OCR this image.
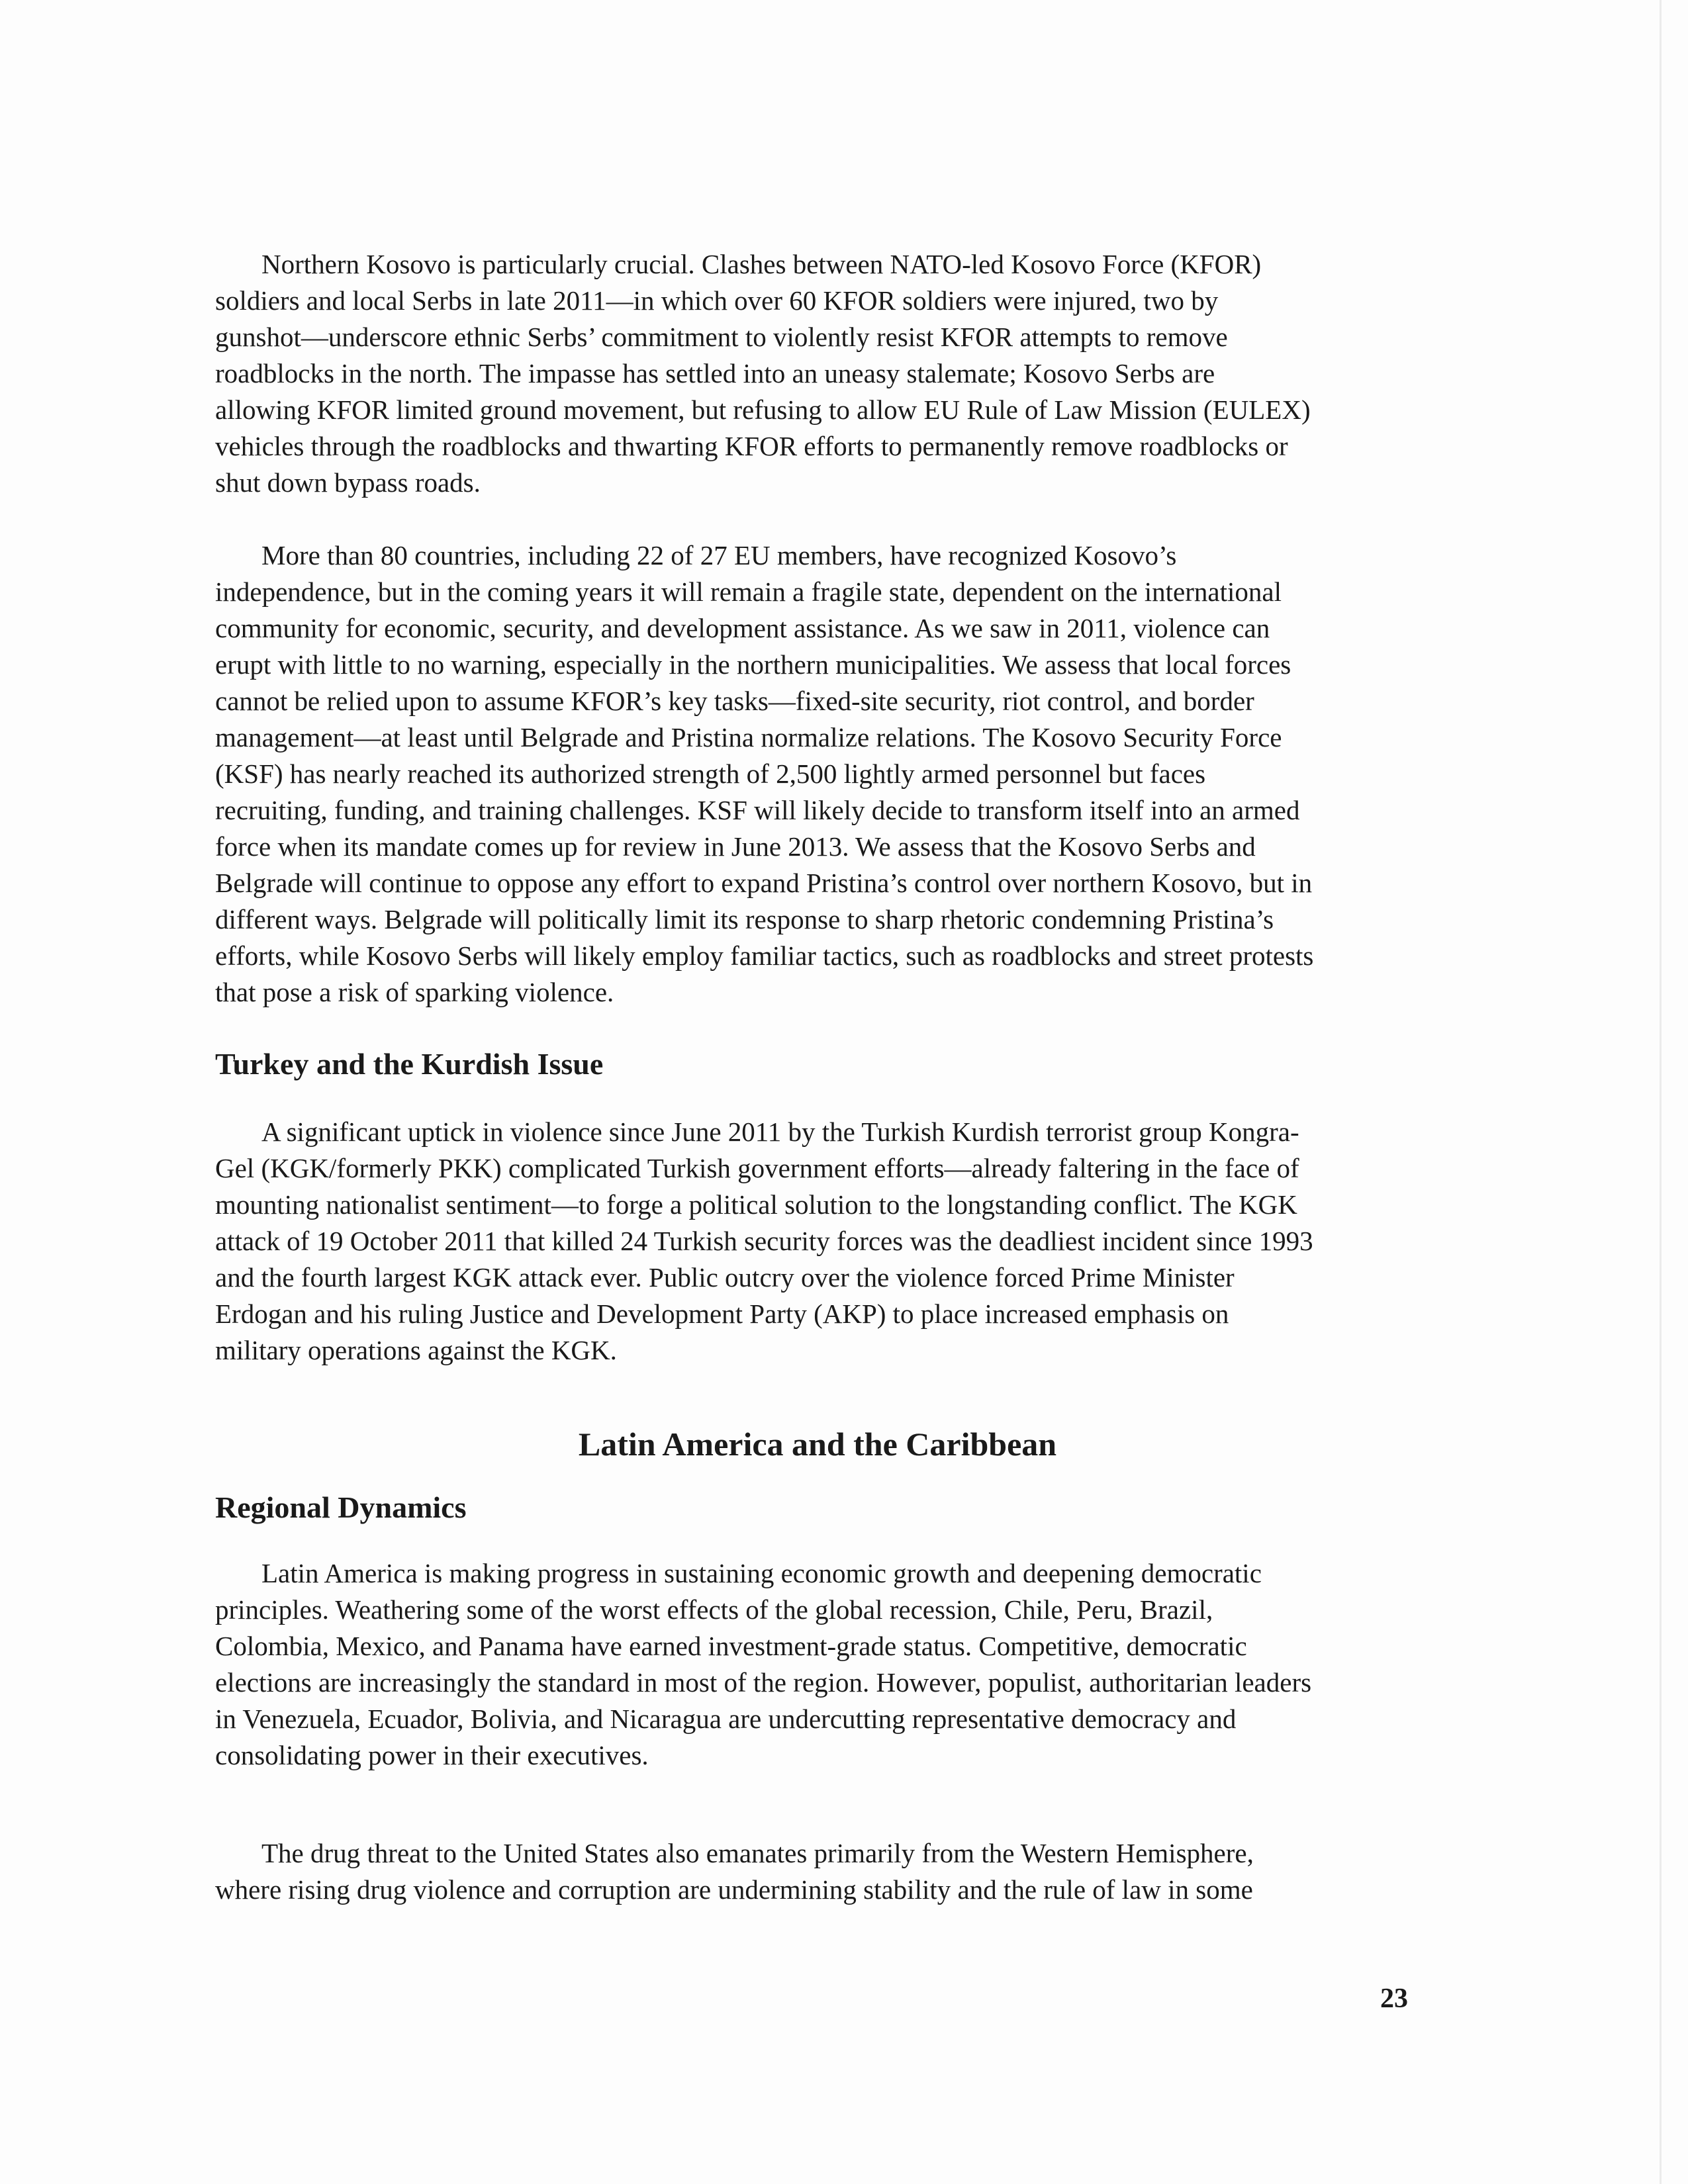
Northern Kosovo is particularly crucial. Clashes between NATO-led Kosovo Force (KFOR)
soldiers and local Serbs in late 2011—in which over 60 KFOR soldiers were injured, two by
gunshot—underscore ethnic Serbs’ commitment to violently resist KFOR attempts to remove
roadblocks in the north. The impasse has settled into an uneasy stalemate; Kosovo Serbs are
allowing KFOR limited ground movement, but refusing to allow EU Rule of Law Mission (EULEX)
vehicles through the roadblocks and thwarting KFOR efforts to permanently remove roadblocks or
shut down bypass roads.
More than 80 countries, including 22 of 27 EU members, have recognized Kosovo’s
independence, but in the coming years it will remain a fragile state, dependent on the international
community for economic, security, and development assistance. As we saw in 2011, violence can
erupt with little to no warning, especially in the northern municipalities. We assess that local forces
cannot be relied upon to assume KFOR’s key tasks—fixed-site security, riot control, and border
management—at least until Belgrade and Pristina normalize relations. The Kosovo Security Force
(KSF) has nearly reached its authorized strength of 2,500 lightly armed personnel but faces
recruiting, funding, and training challenges. KSF will likely decide to transform itself into an armed
force when its mandate comes up for review in June 2013. We assess that the Kosovo Serbs and
Belgrade will continue to oppose any effort to expand Pristina’s control over northern Kosovo, but in
different ways. Belgrade will politically limit its response to sharp rhetoric condemning Pristina’s
efforts, while Kosovo Serbs will likely employ familiar tactics, such as roadblocks and street protests
that pose a risk of sparking violence.
Turkey and the Kurdish Issue
A significant uptick in violence since June 2011 by the Turkish Kurdish terrorist group Kongra-
Gel (KGK/formerly PKK) complicated Turkish government efforts—already faltering in the face of
mounting nationalist sentiment—to forge a political solution to the longstanding conflict. The KGK
attack of 19 October 2011 that killed 24 Turkish security forces was the deadliest incident since 1993
and the fourth largest KGK attack ever. Public outcry over the violence forced Prime Minister
Erdogan and his ruling Justice and Development Party (AKP) to place increased emphasis on
military operations against the KGK.
Latin America and the Caribbean
Regional Dynamics
Latin America is making progress in sustaining economic growth and deepening democratic
principles. Weathering some of the worst effects of the global recession, Chile, Peru, Brazil,
Colombia, Mexico, and Panama have earned investment-grade status. Competitive, democratic
elections are increasingly the standard in most of the region. However, populist, authoritarian leaders
in Venezuela, Ecuador, Bolivia, and Nicaragua are undercutting representative democracy and
consolidating power in their executives.
The drug threat to the United States also emanates primarily from the Western Hemisphere,
where rising drug violence and corruption are undermining stability and the rule of law in some
23
